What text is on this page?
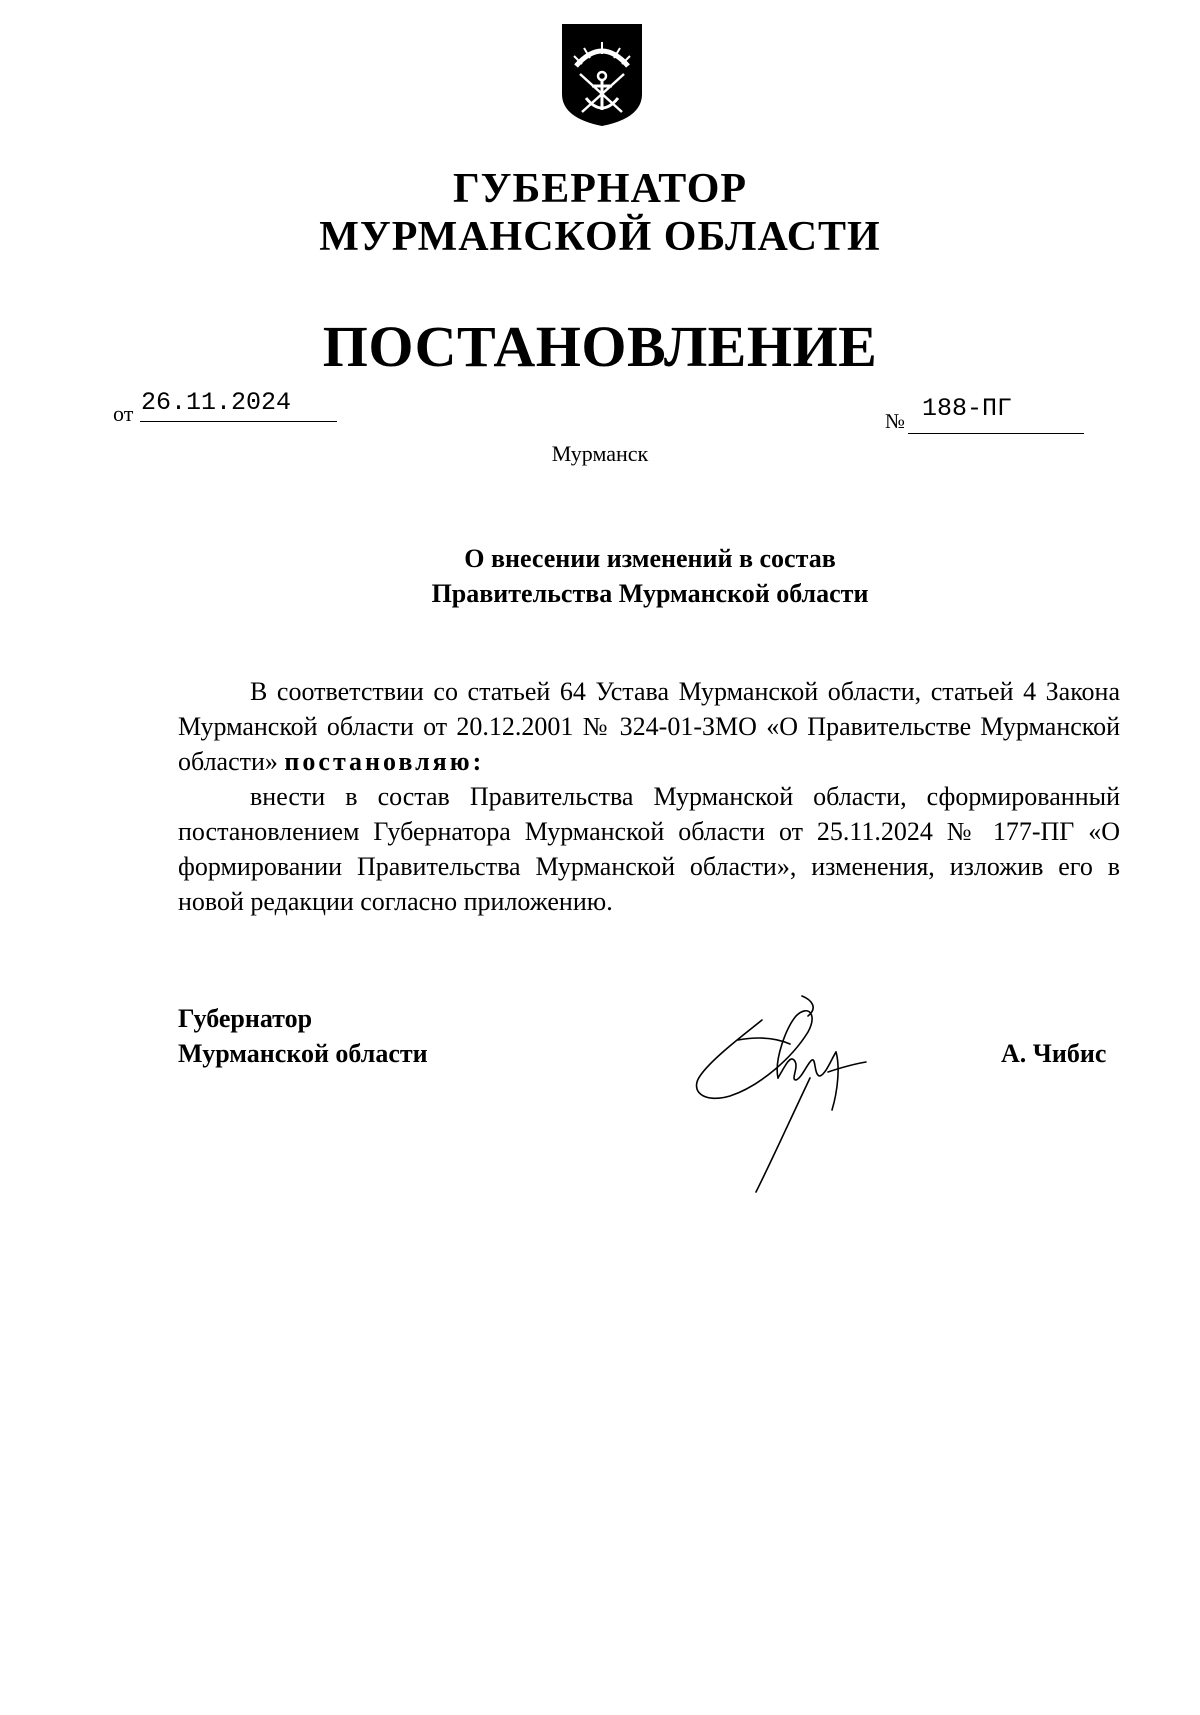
ГУБЕРНАТОР
МУРМАНСКОЙ ОБЛАСТИ
ПОСТАНОВЛЕНИЕ
от 26.11.2024
№ 188-ПГ
Мурманск
О внесении изменений в состав
Правительства Мурманской области
В соответствии со статьей 64 Устава Мурманской области, статьей 4 Закона Мурманской области от 20.12.2001 № 324-01-ЗМО «О Правительстве Мурманской области» постановляю:
внести в состав Правительства Мурманской области, сформированный постановлением Губернатора Мурманской области от 25.11.2024 № 177-ПГ «О формировании Правительства Мурманской области», изменения, изложив его в новой редакции согласно приложению.
Губернатор
Мурманской области	А. Чибис
